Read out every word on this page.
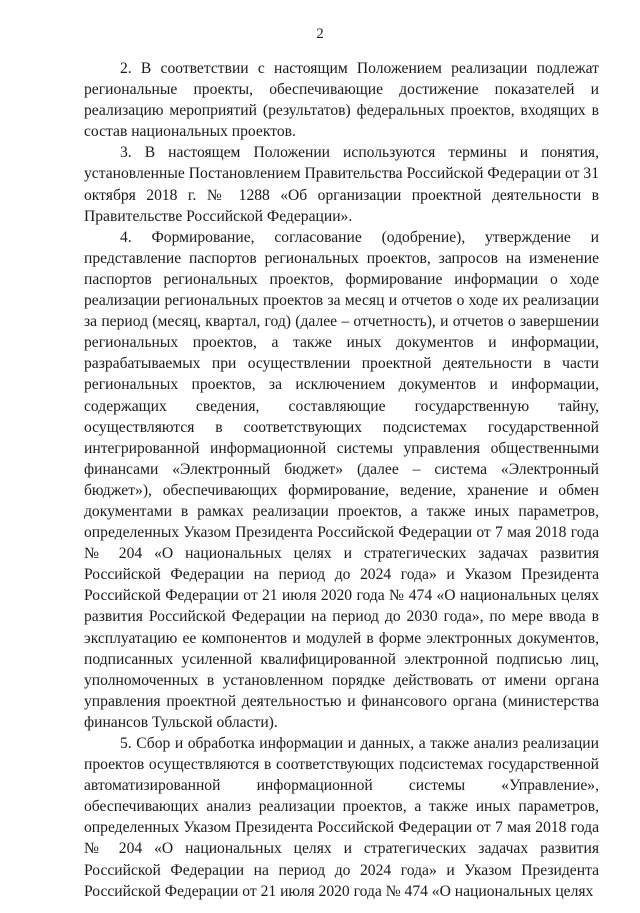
2

2. В соответствии с настоящим Положением реализации подлежат региональные проекты, обеспечивающие достижение показателей и реализацию мероприятий (результатов) федеральных проектов, входящих в состав национальных проектов.

3. В настоящем Положении используются термины и понятия, установленные Постановлением Правительства Российской Федерации от 31 октября 2018 г. № 1288 «Об организации проектной деятельности в Правительстве Российской Федерации».

4. Формирование, согласование (одобрение), утверждение и представление паспортов региональных проектов, запросов на изменение паспортов региональных проектов, формирование информации о ходе реализации региональных проектов за месяц и отчетов о ходе их реализации за период (месяц, квартал, год) (далее – отчетность), и отчетов о завершении региональных проектов, а также иных документов и информации, разрабатываемых при осуществлении проектной деятельности в части региональных проектов, за исключением документов и информации, содержащих сведения, составляющие государственную тайну, осуществляются в соответствующих подсистемах государственной интегрированной информационной системы управления общественными финансами «Электронный бюджет» (далее – система «Электронный бюджет»), обеспечивающих формирование, ведение, хранение и обмен документами в рамках реализации проектов, а также иных параметров, определенных Указом Президента Российской Федерации от 7 мая 2018 года № 204 «О национальных целях и стратегических задачах развития Российской Федерации на период до 2024 года» и Указом Президента Российской Федерации от 21 июля 2020 года № 474 «О национальных целях развития Российской Федерации на период до 2030 года», по мере ввода в эксплуатацию ее компонентов и модулей в форме электронных документов, подписанных усиленной квалифицированной электронной подписью лиц, уполномоченных в установленном порядке действовать от имени органа управления проектной деятельностью и финансового органа (министерства финансов Тульской области).

5. Сбор и обработка информации и данных, а также анализ реализации проектов осуществляются в соответствующих подсистемах государственной автоматизированной информационной системы «Управление», обеспечивающих анализ реализации проектов, а также иных параметров, определенных Указом Президента Российской Федерации от 7 мая 2018 года № 204 «О национальных целях и стратегических задачах развития Российской Федерации на период до 2024 года» и Указом Президента Российской Федерации от 21 июля 2020 года № 474 «О национальных целях
